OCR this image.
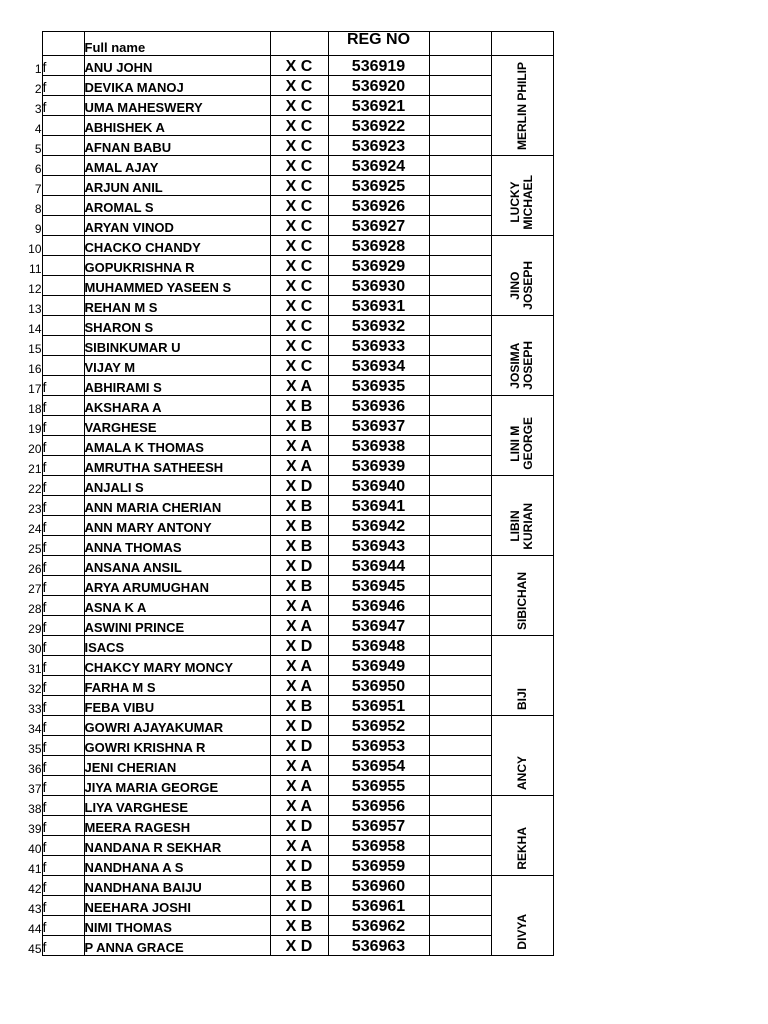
		Full name		REG NO		
1	f	ANU JOHN	X C	536919		MERLIN PHILIP
2	f	DEVIKA MANOJ	X C	536920		
3	f	UMA MAHESWERY	X C	536921		
4		ABHISHEK A	X C	536922		
5		AFNAN BABU	X C	536923		
6		AMAL AJAY	X C	536924		LUCKY
MICHAEL
7		ARJUN ANIL	X C	536925		
8		AROMAL S	X C	536926		
9		ARYAN VINOD	X C	536927		
10		CHACKO CHANDY	X C	536928		JINO
JOSEPH
11		GOPUKRISHNA R	X C	536929		
12		MUHAMMED YASEEN S	X C	536930		
13		REHAN M S	X C	536931		
14		SHARON S	X C	536932		JOSIMA
JOSEPH
15		SIBINKUMAR U	X C	536933		
16		VIJAY M	X C	536934		
17	f	ABHIRAMI S	X A	536935		
18	f	AKSHARA A	X B	536936		LINI M
GEORGE
19	f	VARGHESE	X B	536937		
20	f	AMALA K THOMAS	X A	536938		
21	f	AMRUTHA SATHEESH	X A	536939		
22	f	ANJALI S	X D	536940		LIBIN
KURIAN
23	f	ANN MARIA CHERIAN	X B	536941		
24	f	ANN MARY ANTONY	X B	536942		
25	f	ANNA THOMAS	X B	536943		
26	f	ANSANA ANSIL	X D	536944		SIBICHAN
27	f	ARYA ARUMUGHAN	X B	536945		
28	f	ASNA K A	X A	536946		
29	f	ASWINI PRINCE	X A	536947		
30	f	ISACS	X D	536948		BIJI
31	f	CHAKCY MARY MONCY	X A	536949		
32	f	FARHA M S	X A	536950		
33	f	FEBA VIBU	X B	536951		
34	f	GOWRI AJAYAKUMAR	X D	536952		ANCY
35	f	GOWRI KRISHNA R	X D	536953		
36	f	JENI CHERIAN	X A	536954		
37	f	JIYA MARIA GEORGE	X A	536955		
38	f	LIYA VARGHESE	X A	536956		REKHA
39	f	MEERA RAGESH	X D	536957		
40	f	NANDANA R SEKHAR	X A	536958		
41	f	NANDHANA A S	X D	536959		
42	f	NANDHANA BAIJU	X B	536960		DIVYA
43	f	NEEHARA JOSHI	X D	536961		
44	f	NIMI THOMAS	X B	536962		
45	f	P ANNA GRACE	X D	536963		
